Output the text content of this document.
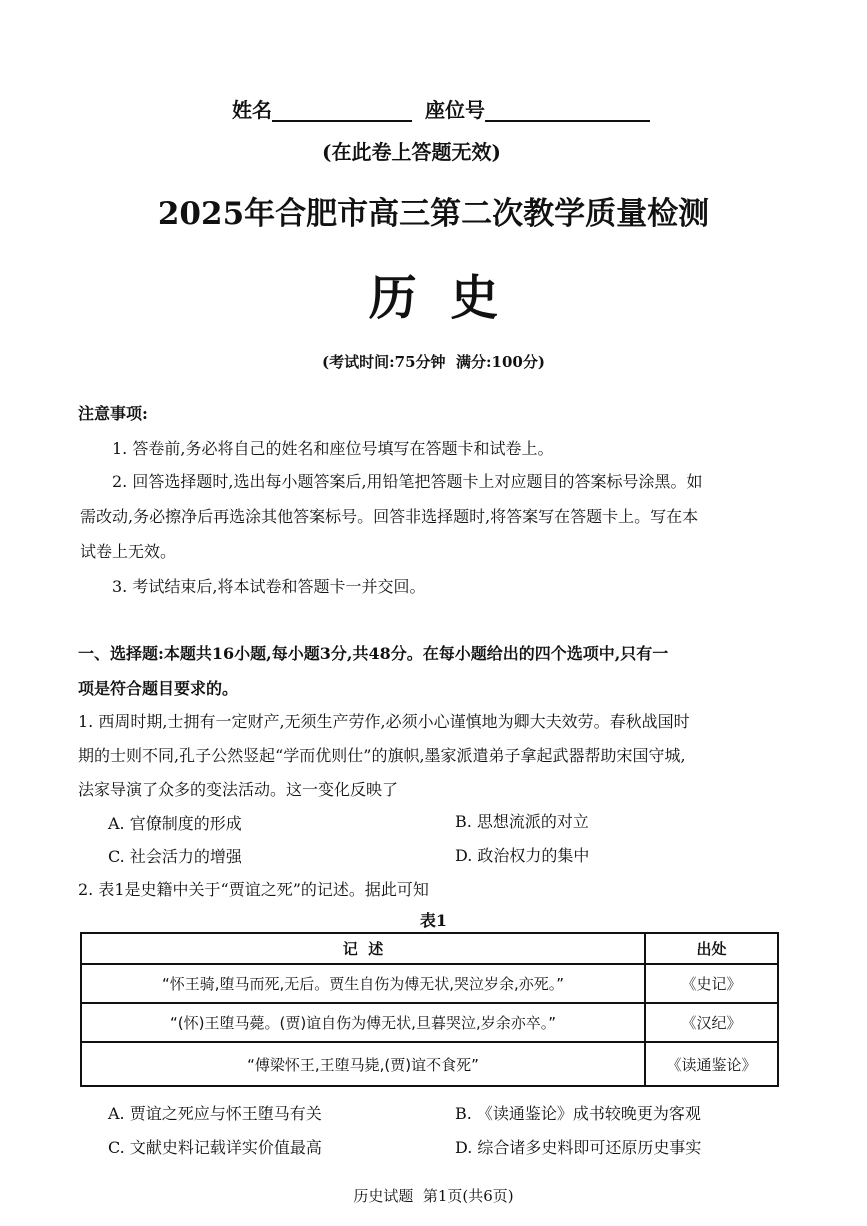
姓名	座位号
(在此卷上答题无效)
2025年合肥市高三第二次教学质量检测
历  史
(考试时间:75分钟  满分:100分)
注意事项:
1. 答卷前,务必将自己的姓名和座位号填写在答题卡和试卷上。
2. 回答选择题时,选出每小题答案后,用铅笔把答题卡上对应题目的答案标号涂黑。如
需改动,务必擦净后再选涂其他答案标号。回答非选择题时,将答案写在答题卡上。写在本
试卷上无效。
3. 考试结束后,将本试卷和答题卡一并交回。
一、选择题:本题共16小题,每小题3分,共48分。在每小题给出的四个选项中,只有一
项是符合题目要求的。
1. 西周时期,士拥有一定财产,无须生产劳作,必须小心谨慎地为卿大夫效劳。春秋战国时
期的士则不同,孔子公然竖起“学而优则仕”的旗帜,墨家派遣弟子拿起武器帮助宋国守城,
法家导演了众多的变法活动。这一变化反映了
A. 官僚制度的形成	B. 思想流派的对立
C. 社会活力的增强	D. 政治权力的集中
2. 表1是史籍中关于“贾谊之死”的记述。据此可知
表1
记  述	出处
“怀王骑,堕马而死,无后。贾生自伤为傅无状,哭泣岁余,亦死。”	《史记》
“(怀)王堕马薨。(贾)谊自伤为傅无状,旦暮哭泣,岁余亦卒。”	《汉纪》
“傅梁怀王,王堕马毙,(贾)谊不食死”	《读通鉴论》
A. 贾谊之死应与怀王堕马有关	B. 《读通鉴论》成书较晚更为客观
C. 文献史料记载详实价值最高	D. 综合诸多史料即可还原历史事实
历史试题  第1页(共6页)
